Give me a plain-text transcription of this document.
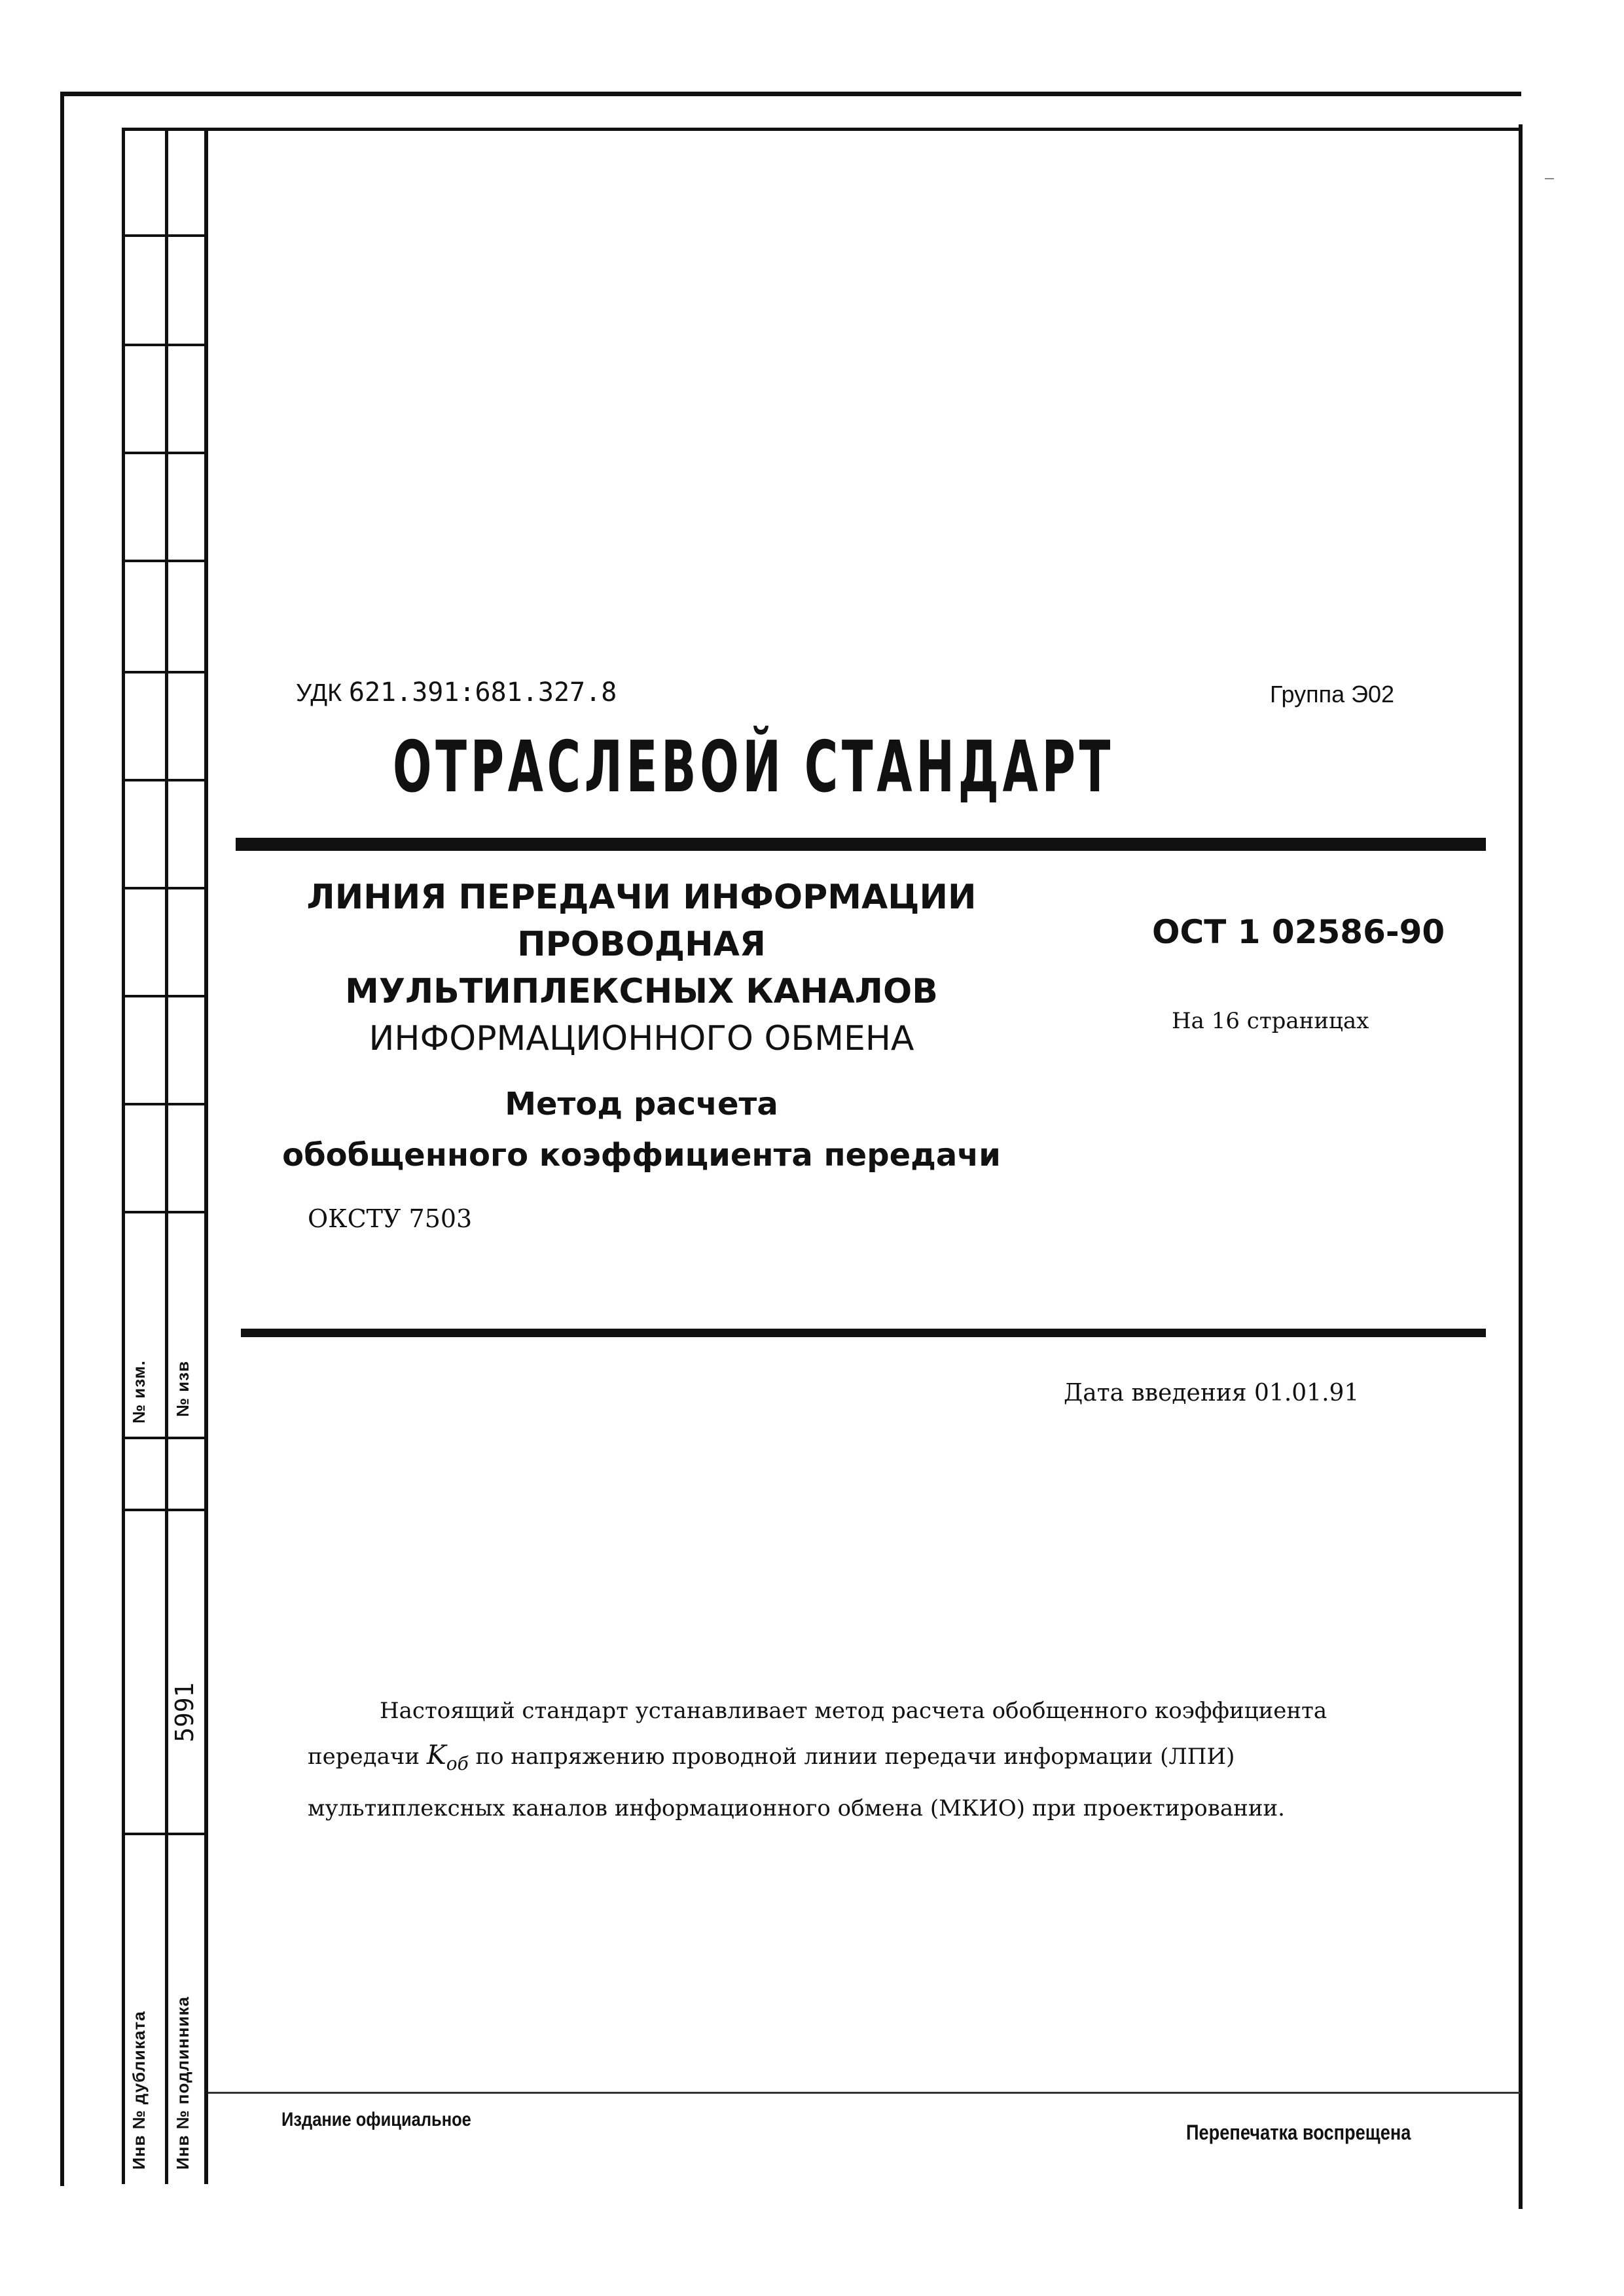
№ изм. № изв
5991
Инв № дубликата Инв № подлинника
УДК 621.391:681.327.8	Группа Э02
ОТРАСЛЕВОЙ СТАНДАРТ
ЛИНИЯ ПЕРЕДАЧИ ИНФОРМАЦИИ
ПРОВОДНАЯ
МУЛЬТИПЛЕКСНЫХ КАНАЛОВ
ИНФОРМАЦИОННОГО ОБМЕНА
Метод расчета
обобщенного коэффициента передачи
ОСТ 1 02586-90
На 16 страницах
ОКСТУ 7503
Дата введения 01.01.91

Настоящий стандарт устанавливает метод расчета обобщенного коэффициента передачи $K_{об}$ по напряжению проводной линии передачи информации (ЛПИ) мультиплексных каналов информационного обмена (МКИО) при проектировании.

Издание официальное
Перепечатка воспрещена
